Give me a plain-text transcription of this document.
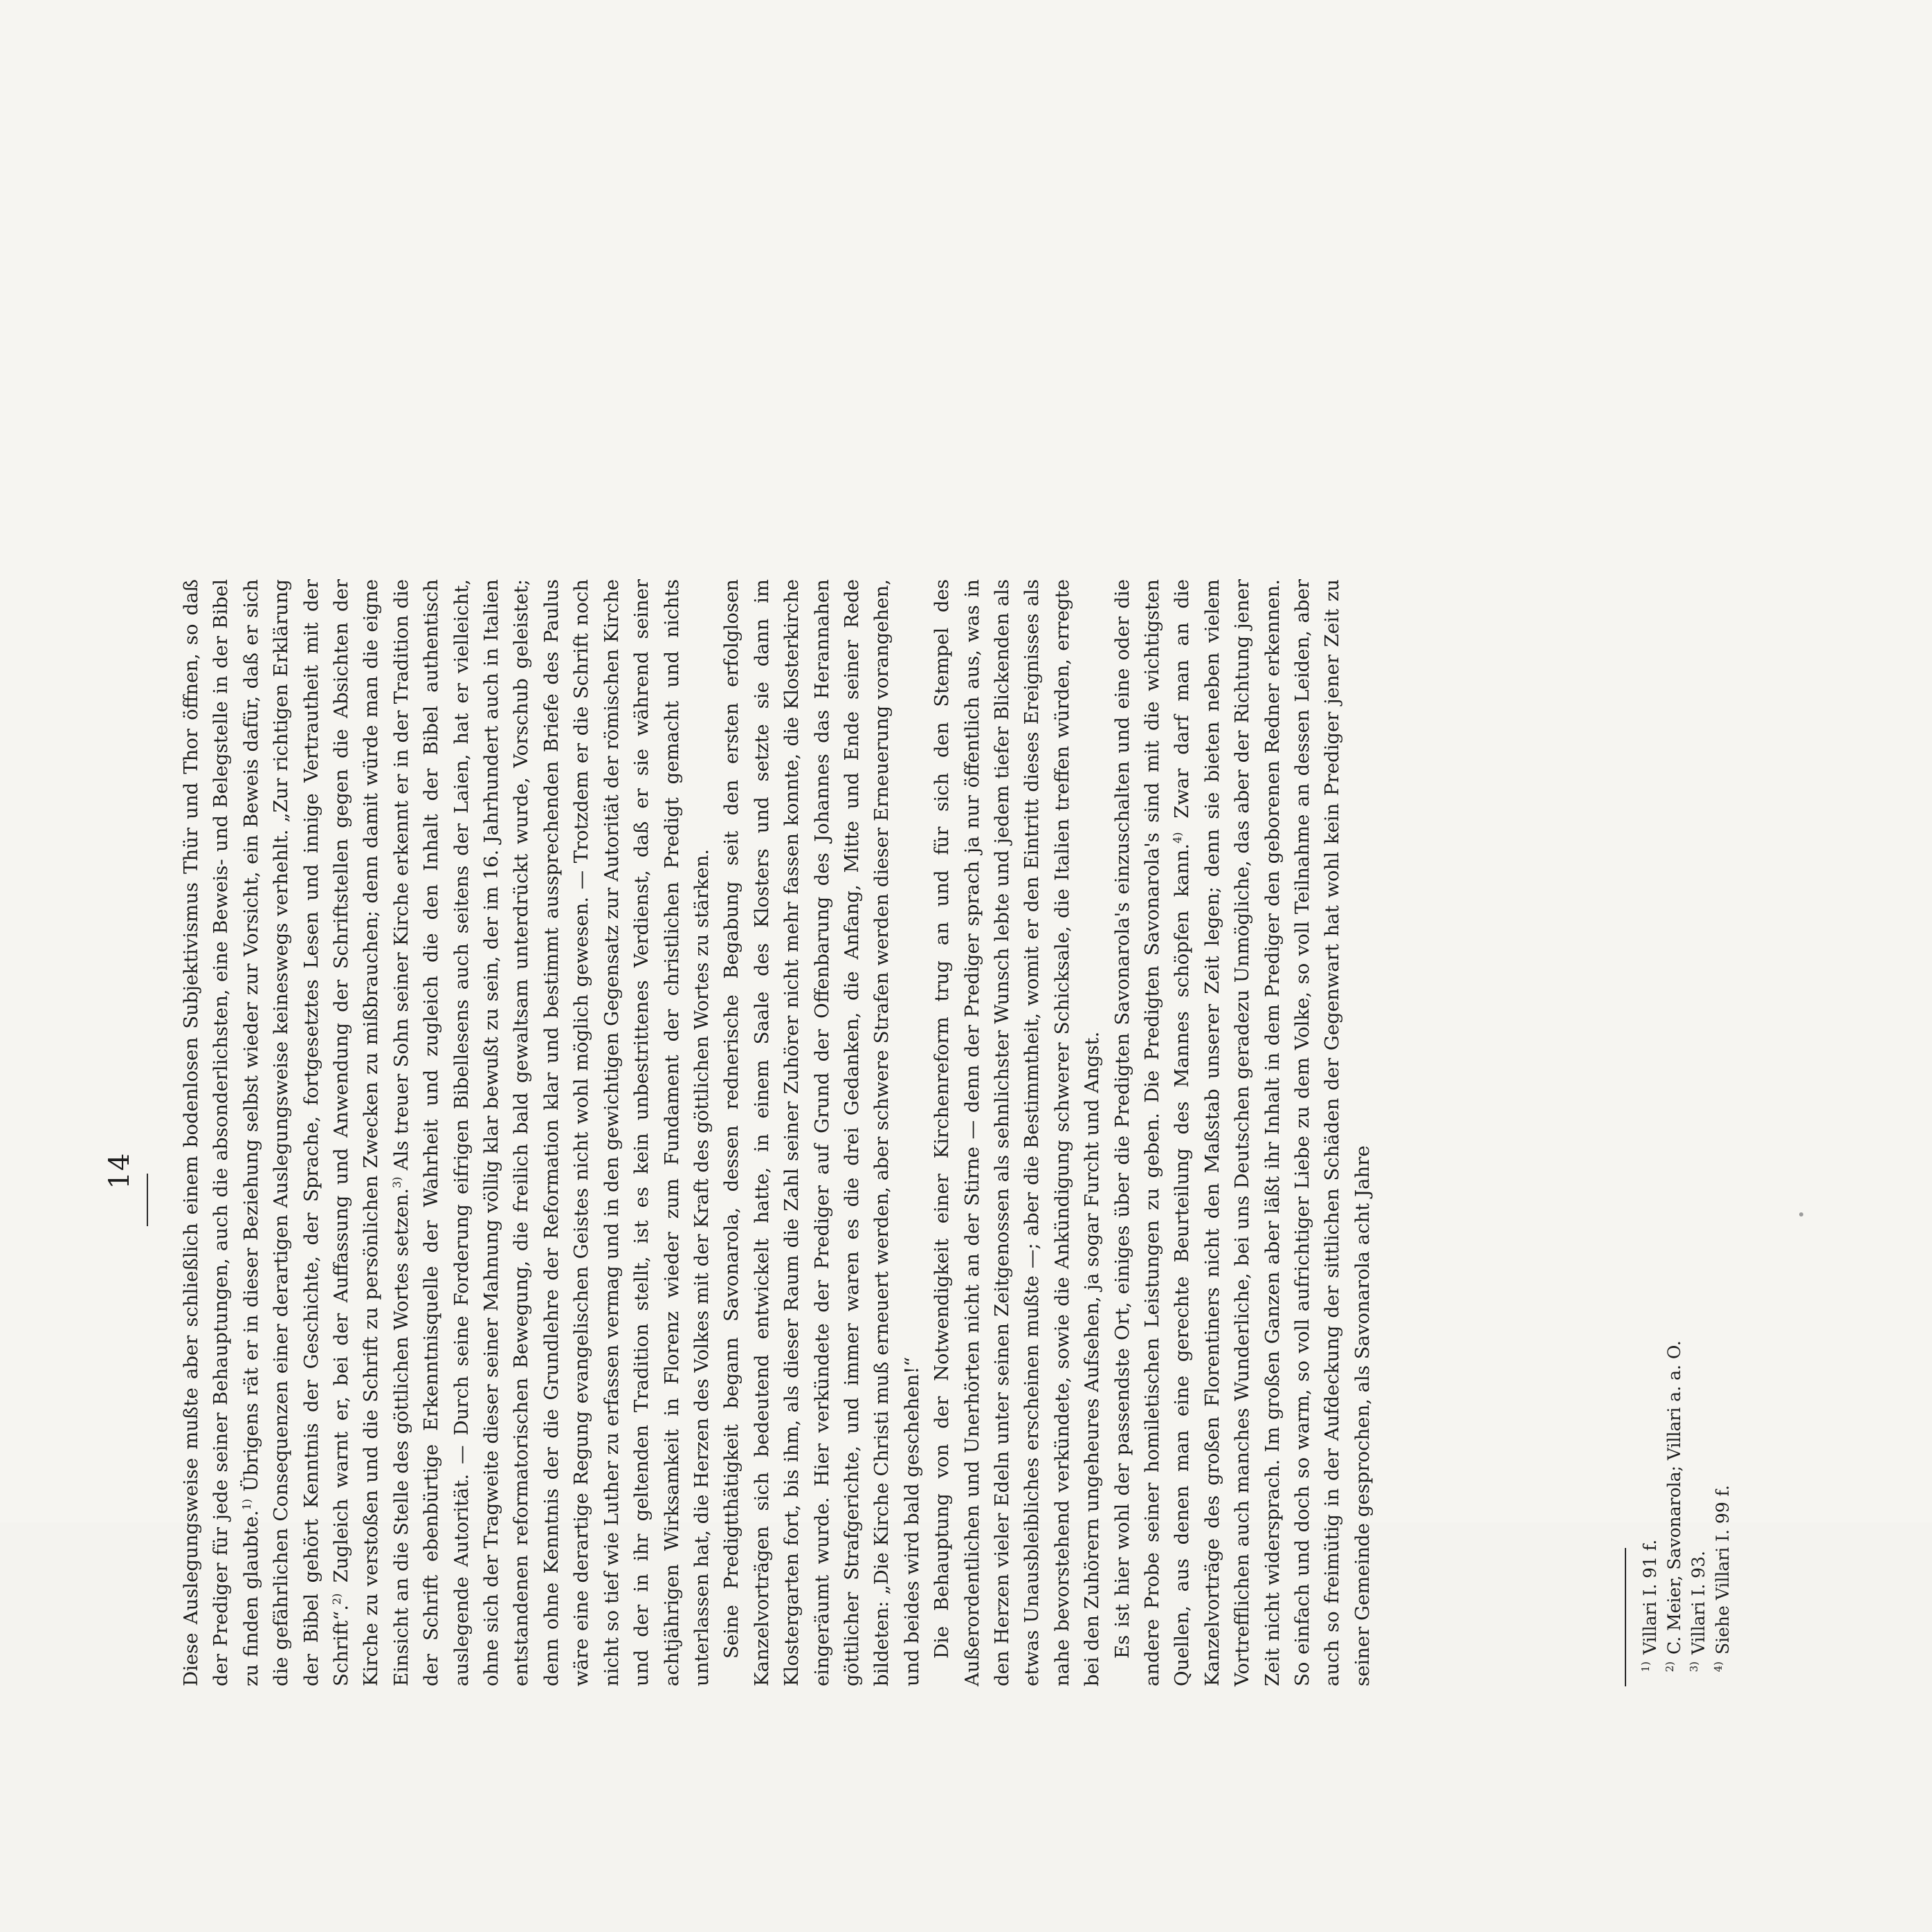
14 Diese Auslegungsweise mußte aber schließlich einem bodenlosen Subjektivismus Thür und Thor öffnen, so daß der Prediger für jede seiner Behauptungen, auch die absonderlichsten, eine Beweis- und Belegstelle in der Bibel zu finden glaubte.$^{1)}$ Übrigens rät er in dieser Beziehung selbst wieder zur Vorsicht, ein Beweis dafür, daß er sich die gefährlichen Consequenzen einer derartigen Auslegungsweise keineswegs verhehlt. „Zur richtigen Erklärung der Bibel gehört Kenntnis der Geschichte, der Sprache, fortgesetztes Lesen und innige Vertrautheit mit der Schrift“.$^{2)}$ Zugleich warnt er, bei der Auffassung und Anwendung der Schriftstellen gegen die Absichten der Kirche zu verstoßen und die Schrift zu persönlichen Zwecken zu mißbrauchen; denn damit würde man die eigne Einsicht an die Stelle des göttlichen Wortes setzen.$^{3)}$ Als treuer Sohn seiner Kirche erkennt er in der Tradition die der Schrift ebenbürtige Erkenntnisquelle der Wahrheit und zugleich die den Inhalt der Bibel authentisch auslegende Autorität. — Durch seine Forderung eifrigen Bibellesens auch seitens der Laien, hat er vielleicht, ohne sich der Tragweite dieser seiner Mahnung völlig klar bewußt zu sein, der im 16. Jahrhundert auch in Italien entstandenen reformatorischen Bewegung, die freilich bald gewaltsam unterdrückt wurde, Vorschub geleistet; denn ohne Kenntnis der die Grundlehre der Reformation klar und bestimmt aussprechenden Briefe des Paulus wäre eine derartige Regung evangelischen Geistes nicht wohl möglich gewesen. — Trotzdem er die Schrift noch nicht so tief wie Luther zu erfassen vermag und in den gewichtigen Gegensatz zur Autorität der römischen Kirche und der in ihr geltenden Tradition stellt, ist es kein unbestrittenes Verdienst, daß er sie während seiner achtjährigen Wirksamkeit in Florenz wieder zum Fundament der christlichen Predigt gemacht und nichts unterlassen hat, die Herzen des Volkes mit der Kraft des göttlichen Wortes zu stärken. Seine Predigtthätigkeit begann Savonarola, dessen rednerische Begabung seit den ersten erfolglosen Kanzelvorträgen sich bedeutend entwickelt hatte, in einem Saale des Klosters und setzte sie dann im Klostergarten fort, bis ihm, als dieser Raum die Zahl seiner Zuhörer nicht mehr fassen konnte, die Klosterkirche eingeräumt wurde. Hier verkündete der Prediger auf Grund der Offenbarung des Johannes das Herannahen göttlicher Strafgerichte, und immer waren es die drei Gedanken, die Anfang, Mitte und Ende seiner Rede bildeten: „Die Kirche Christi muß erneuert werden, aber schwere Strafen werden dieser Erneuerung vorangehen, und beides wird bald geschehen!“ Die Behauptung von der Notwendigkeit einer Kirchenreform trug an und für sich den Stempel des Außerordentlichen und Unerhörten nicht an der Stirne — denn der Prediger sprach ja nur öffentlich aus, was in den Herzen vieler Edeln unter seinen Zeitgenossen als sehnlichster Wunsch lebte und jedem tiefer Blickenden als etwas Unausbleibliches erscheinen mußte —; aber die Bestimmtheit, womit er den Eintritt dieses Ereignisses als nahe bevorstehend verkündete, sowie die Ankündigung schwerer Schicksale, die Italien treffen würden, erregte bei den Zuhörern ungeheures Aufsehen, ja sogar Furcht und Angst. Es ist hier wohl der passendste Ort, einiges über die Predigten Savonarola's einzuschalten und eine oder die andere Probe seiner homiletischen Leistungen zu geben. Die Predigten Savonarola's sind mit die wichtigsten Quellen, aus denen man eine gerechte Beurteilung des Mannes schöpfen kann.$^{4)}$ Zwar darf man an die Kanzelvorträge des großen Florentiners nicht den Maßstab unserer Zeit legen; denn sie bieten neben vielem Vortrefflichen auch manches Wunderliche, bei uns Deutschen geradezu Unmögliche, das aber der Richtung jener Zeit nicht widersprach. Im großen Ganzen aber läßt ihr Inhalt in dem Prediger den geborenen Redner erkennen. So einfach und doch so warm, so voll aufrichtiger Liebe zu dem Volke, so voll Teilnahme an dessen Leiden, aber auch so freimütig in der Aufdeckung der sittlichen Schäden der Gegenwart hat wohl kein Prediger jener Zeit zu seiner Gemeinde gesprochen, als Savonarola acht Jahre	1)
Villari I. 91 f.
2)
C. Meier, Savonarola; Villari a. a. O.
3)
Villari I. 93.
4)
Siehe Villari I. 99 f.
